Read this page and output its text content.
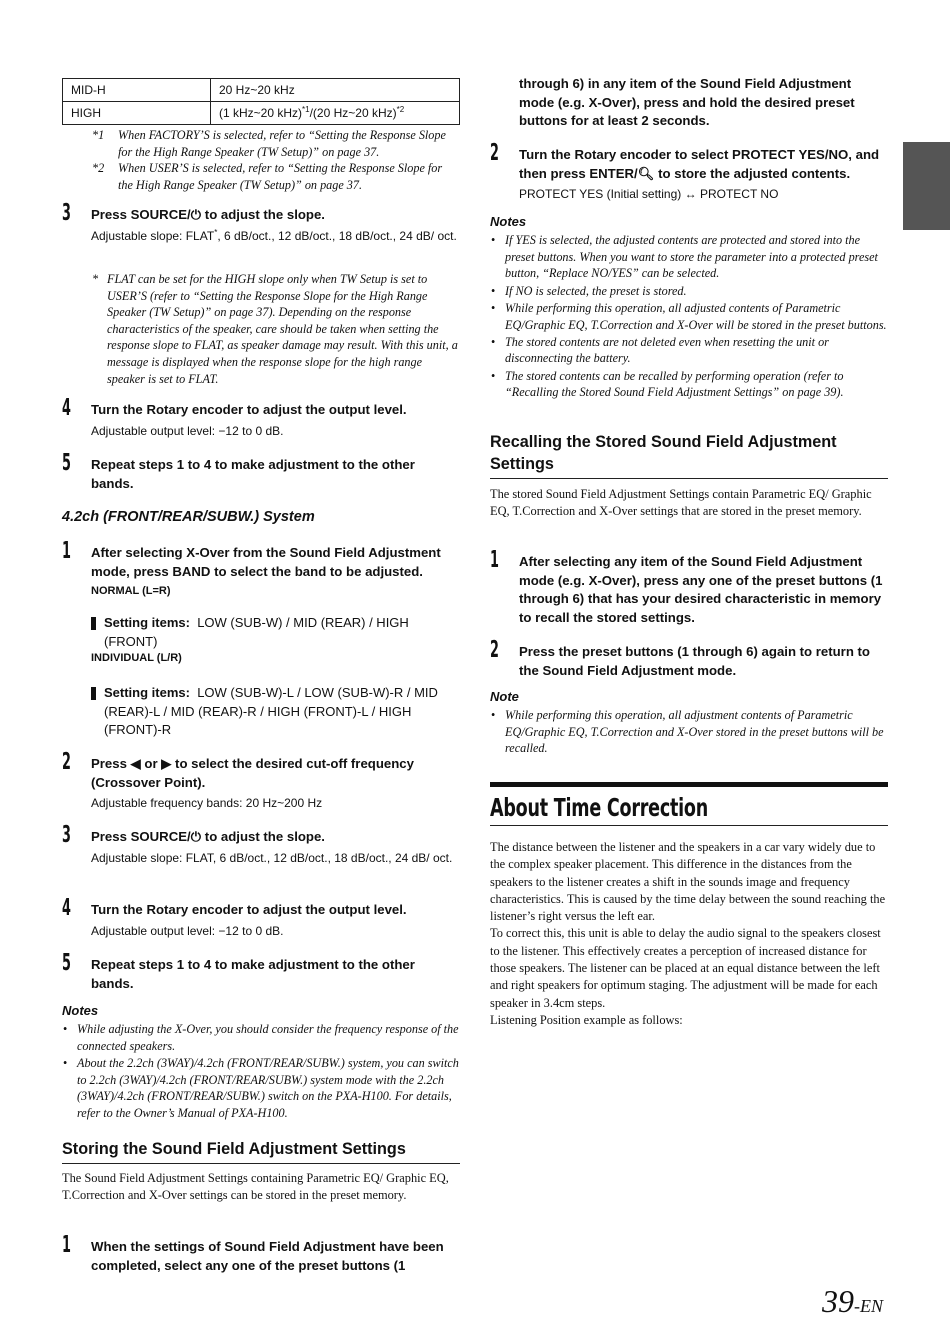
MID-H	20 Hz~20 kHz
HIGH	(1 kHz~20 kHz)$^{*1}$/(20 Hz~20 kHz)$^{*2}$
*1	When FACTORY’S is selected, refer to “Setting the Response Slope for the High Range Speaker (TW Setup)” on page 37.
*2	When USER’S is selected, refer to “Setting the Response Slope for the High Range Speaker (TW Setup)” on page 37.
3	Press SOURCE/⏻ to adjust the slope.
Adjustable slope: FLAT*, 6 dB/oct., 12 dB/oct., 18 dB/oct., 24 dB/ oct.
* FLAT can be set for the HIGH slope only when TW Setup is set to USER’S (refer to “Setting the Response Slope for the High Range Speaker (TW Setup)” on page 37). Depending on the response characteristics of the speaker, care should be taken when setting the response slope to FLAT, as speaker damage may result. With this unit, a message is displayed when the response slope for the high range speaker is set to FLAT.
4	Turn the Rotary encoder to adjust the output level.
Adjustable output level: −12 to 0 dB.
5	Repeat steps 1 to 4 to make adjustment to the other bands.
4.2ch (FRONT/REAR/SUBW.) System
1	After selecting X-Over from the Sound Field Adjustment mode, press BAND to select the band to be adjusted.
NORMAL (L=R)
Setting items: LOW (SUB-W) / MID (REAR) / HIGH (FRONT)
INDIVIDUAL (L/R)
Setting items: LOW (SUB-W)-L / LOW (SUB-W)-R / MID (REAR)-L / MID (REAR)-R / HIGH (FRONT)-L / HIGH (FRONT)-R
2	Press ◀ or ▶ to select the desired cut-off frequency (Crossover Point).
Adjustable frequency bands: 20 Hz~200 Hz
3	Press SOURCE/⏻ to adjust the slope.
Adjustable slope: FLAT, 6 dB/oct., 12 dB/oct., 18 dB/oct., 24 dB/ oct.
4	Turn the Rotary encoder to adjust the output level.
Adjustable output level: −12 to 0 dB.
5	Repeat steps 1 to 4 to make adjustment to the other bands.
Notes
• While adjusting the X-Over, you should consider the frequency response of the connected speakers.
• About the 2.2ch (3WAY)/4.2ch (FRONT/REAR/SUBW.) system, you can switch to 2.2ch (3WAY)/4.2ch (FRONT/REAR/SUBW.) system mode with the 2.2ch (3WAY)/4.2ch (FRONT/REAR/SUBW.) switch on the PXA-H100. For details, refer to the Owner’s Manual of PXA-H100.
Storing the Sound Field Adjustment Settings
The Sound Field Adjustment Settings containing Parametric EQ/ Graphic EQ, T.Correction and X-Over settings can be stored in the preset memory.
1	When the settings of Sound Field Adjustment have been completed, select any one of the preset buttons (1
through 6) in any item of the Sound Field Adjustment mode (e.g. X-Over), press and hold the desired preset buttons for at least 2 seconds.
2	Turn the Rotary encoder to select PROTECT YES/NO, and then press ENTER/🔍︎ to store the adjusted contents.
PROTECT YES (Initial setting) ↔ PROTECT NO
Notes
• If YES is selected, the adjusted contents are protected and stored into the preset buttons. When you want to store the parameter into a protected preset button, “Replace NO/YES” can be selected.
• If NO is selected, the preset is stored.
• While performing this operation, all adjusted contents of Parametric EQ/Graphic EQ, T.Correction and X-Over will be stored in the preset buttons.
• The stored contents are not deleted even when resetting the unit or disconnecting the battery.
• The stored contents can be recalled by performing operation (refer to “Recalling the Stored Sound Field Adjustment Settings” on page 39).
Recalling the Stored Sound Field Adjustment Settings
The stored Sound Field Adjustment Settings contain Parametric EQ/ Graphic EQ, T.Correction and X-Over settings that are stored in the preset memory.
1	After selecting any item of the Sound Field Adjustment mode (e.g. X-Over), press any one of the preset buttons (1 through 6) that has your desired characteristic in memory to recall the stored settings.
2	Press the preset buttons (1 through 6) again to return to the Sound Field Adjustment mode.
Note
• While performing this operation, all adjustment contents of Parametric EQ/Graphic EQ, T.Correction and X-Over stored in the preset buttons will be recalled.
About Time Correction
The distance between the listener and the speakers in a car vary widely due to the complex speaker placement. This difference in the distances from the speakers to the listener creates a shift in the sounds image and frequency characteristics. This is caused by the time delay between the sound reaching the listener’s right versus the left ear.
To correct this, this unit is able to delay the audio signal to the speakers closest to the listener. This effectively creates a perception of increased distance for those speakers. The listener can be placed at an equal distance between the left and right speakers for optimum staging. The adjustment will be made for each speaker in 3.4cm steps.
Listening Position example as follows:
39-EN
